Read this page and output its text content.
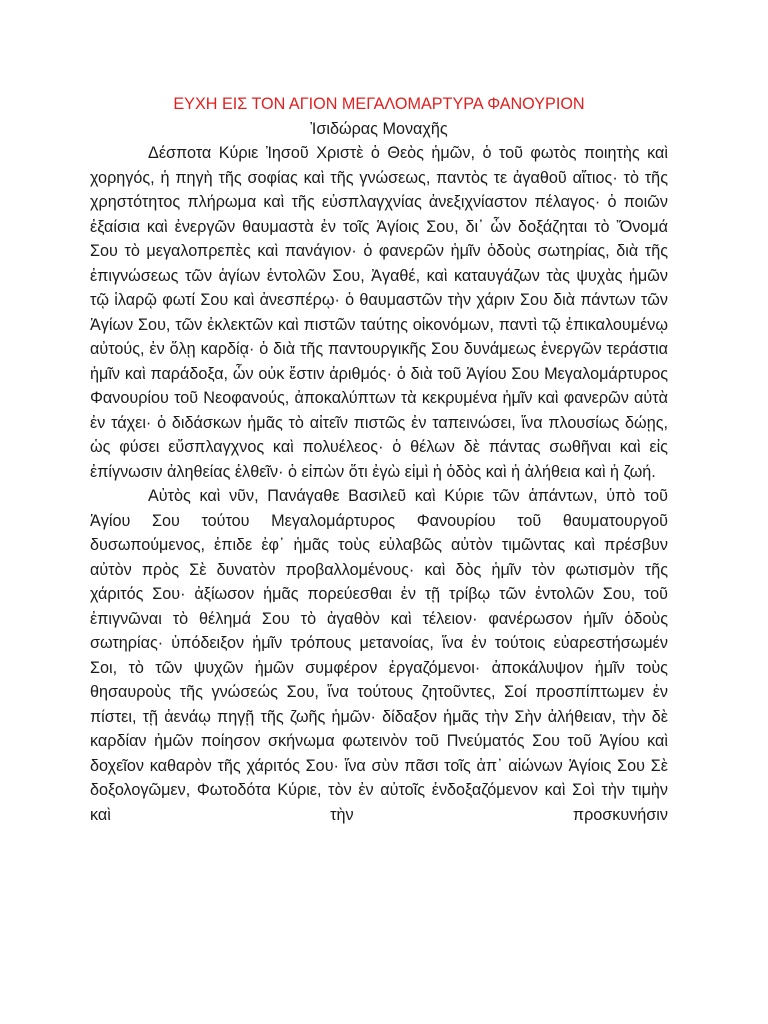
ΕΥΧΗ ΕΙΣ ΤΟΝ ΑΓΙΟΝ ΜΕΓΑΛΟΜΑΡΤΥΡΑ ΦΑΝΟΥΡΙΟΝ

Ἰσιδώρας Μοναχῆς

Δέσποτα Κύριε Ἰησοῦ Χριστὲ ὁ Θεὸς ἡμῶν, ὁ τοῦ φωτὸς ποιητὴς καὶ χορηγός, ἡ πηγὴ τῆς σοφίας καὶ τῆς γνώσεως, παντὸς τε ἀγαθοῦ αἴτιος· τὸ τῆς χρηστότητος πλήρωμα καὶ τῆς εὐσπλαγχνίας ἀνεξιχνίαστον πέλαγος· ὁ ποιῶν ἐξαίσια καὶ ἐνεργῶν θαυμαστὰ ἐν τοῖς Ἁγίοις Σου, δι᾿ ὧν δοξάζηται τὸ Ὄνομά Σου τὸ μεγαλοπρεπὲς καὶ πανάγιον· ὁ φανερῶν ἡμῖν ὁδοὺς σωτηρίας, διὰ τῆς ἐπιγνώσεως τῶν ἁγίων ἐντολῶν Σου, Ἀγαθέ, καὶ καταυγάζων τὰς ψυχὰς ἡμῶν τῷ ἱλαρῷ φωτί Σου καὶ ἀνεσπέρῳ· ὁ θαυμαστῶν τὴν χάριν Σου διὰ πάντων τῶν Ἁγίων Σου, τῶν ἐκλεκτῶν καὶ πιστῶν ταύτης οἰκονόμων, παντὶ τῷ ἐπικαλουμένῳ αὐτούς, ἐν ὅλῃ καρδίᾳ· ὁ διὰ τῆς παντουργικῆς Σου δυνάμεως ἐνεργῶν τεράστια ἡμῖν καὶ παράδοξα, ὧν οὐκ ἔστιν ἀριθμός· ὁ διὰ τοῦ Ἁγίου Σου Μεγαλομάρτυρος Φανουρίου τοῦ Νεοφανούς, ἀποκαλύπτων τὰ κεκρυμένα ἡμῖν καὶ φανερῶν αὐτὰ ἐν τάχει· ὁ διδάσκων ἡμᾶς τὸ αἰτεῖν πιστῶς ἐν ταπεινώσει, ἵνα πλουσίως δώῃς, ὡς φύσει εὔσπλαγχνος καὶ πολυέλεος· ὁ θέλων δὲ πάντας σωθῆναι καὶ εἰς ἐπίγνωσιν ἀληθείας ἐλθεῖν· ὁ εἰπὼν ὅτι ἐγὼ εἰμὶ ἡ ὁδὸς καὶ ἡ ἀλήθεια καὶ ἡ ζωή.

Αὐτὸς καὶ νῦν, Πανάγαθε Βασιλεῦ καὶ Κύριε τῶν ἁπάντων, ὑπὸ τοῦ Ἁγίου Σου τούτου Μεγαλομάρτυρος Φανουρίου τοῦ θαυματουργοῦ δυσωπούμενος, ἐπιδε ἐφ᾿ ἡμᾶς τοὺς εὐλαβῶς αὐτὸν τιμῶντας καὶ πρέσβυν αὐτὸν πρὸς Σὲ δυνατὸν προβαλλομένους· καὶ δὸς ἡμῖν τὸν φωτισμὸν τῆς χάριτός Σου· ἀξίωσον ἡμᾶς πορεύεσθαι ἐν τῇ τρίβῳ τῶν ἐντολῶν Σου, τοῦ ἐπιγνῶναι τὸ θέλημά Σου τὸ ἀγαθὸν καὶ τέλειον· φανέρωσον ἡμῖν ὁδοὺς σωτηρίας· ὑπόδειξον ἡμῖν τρόπους μετανοίας, ἵνα ἐν τούτοις εὐαρεστήσωμέν Σοι, τὸ τῶν ψυχῶν ἡμῶν συμφέρον ἐργαζόμενοι· ἀποκάλυψον ἡμῖν τοὺς θησαυροὺς τῆς γνώσεώς Σου, ἵνα τούτους ζητοῦντες, Σοί προσπίπτωμεν ἐν πίστει, τῇ ἀενάῳ πηγῇ τῆς ζωῆς ἡμῶν· δίδαξον ἡμᾶς τὴν Σὴν ἀλήθειαν, τὴν δὲ καρδίαν ἡμῶν ποίησον σκήνωμα φωτεινὸν τοῦ Πνεύματός Σου τοῦ Ἁγίου καὶ δοχεῖον καθαρὸν τῆς χάριτός Σου· ἵνα σὺν πᾶσι τοῖς ἀπ᾿ αἰώνων Ἁγίοις Σου Σὲ δοξολογῶμεν, Φωτοδότα Κύριε, τὸν ἐν αὐτοῖς ἐνδοξαζόμενον καὶ Σοὶ τὴν τιμὴν καὶ τὴν προσκυνήσιν
